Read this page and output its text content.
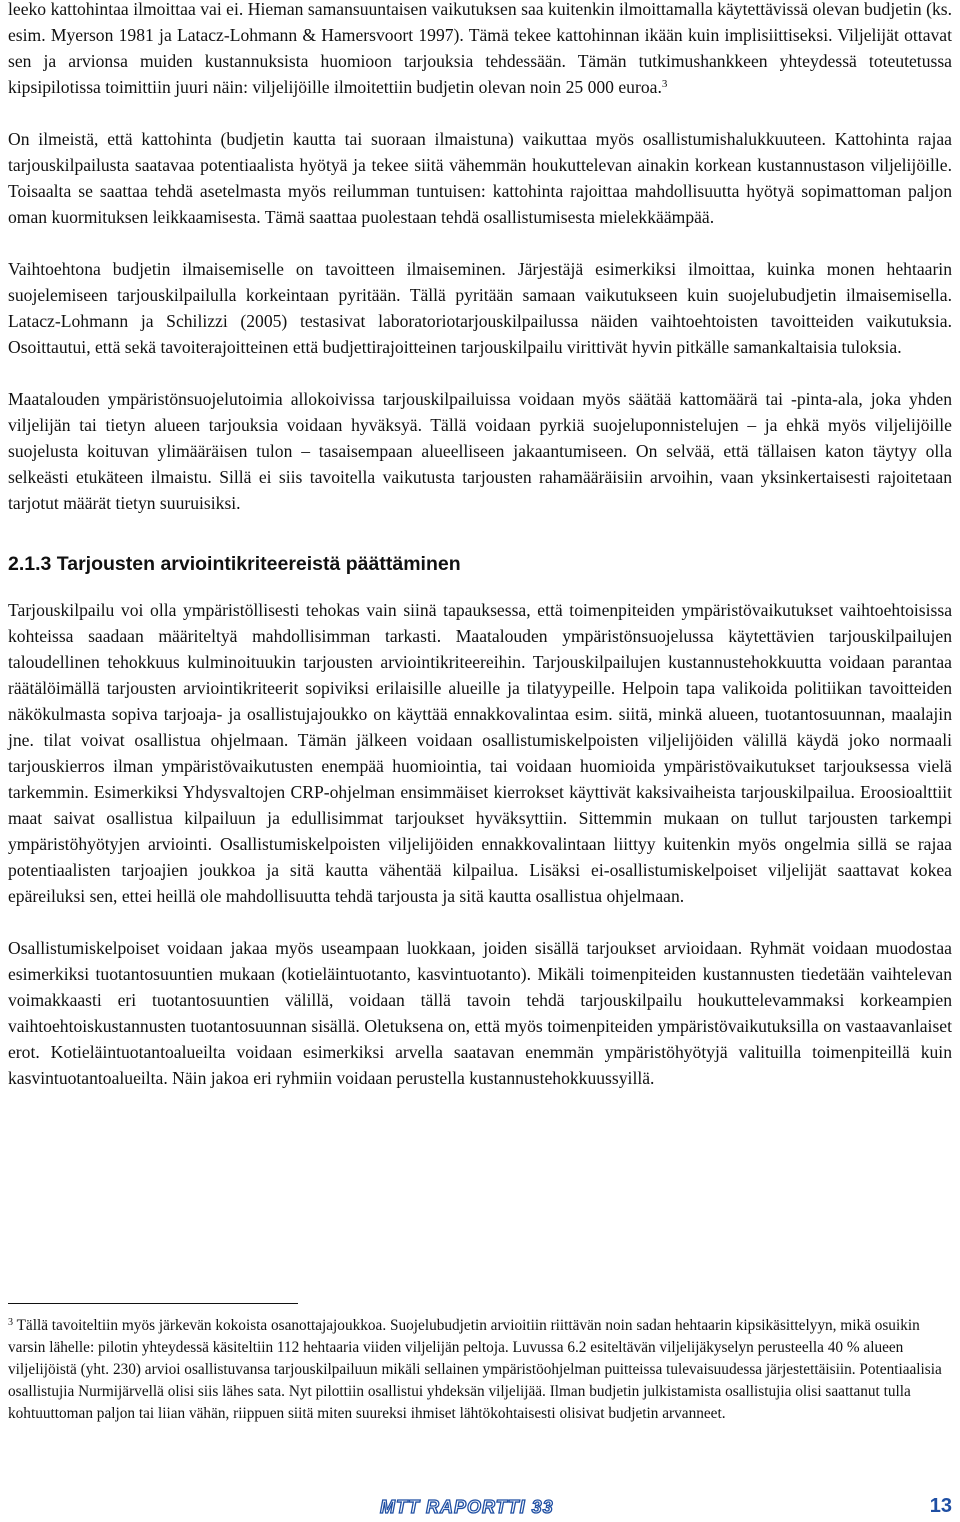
leeko kattohintaa ilmoittaa vai ei. Hieman samansuuntaisen vaikutuksen saa kuitenkin ilmoittamalla käytettävissä olevan budjetin (ks. esim. Myerson 1981 ja Latacz-Lohmann & Hamersvoort 1997). Tämä tekee kattohinnan ikään kuin implisiittiseksi. Viljelijät ottavat sen ja arvionsa muiden kustannuksista huomioon tarjouksia tehdessään. Tämän tutkimushankkeen yhteydessä toteutetussa kipsipilotissa toimittiin juuri näin: viljelijöille ilmoitettiin budjetin olevan noin 25 000 euroa.$^3$

On ilmeistä, että kattohinta (budjetin kautta tai suoraan ilmaistuna) vaikuttaa myös osallistumishalukkuuteen. Kattohinta rajaa tarjouskilpailusta saatavaa potentiaalista hyötyä ja tekee siitä vähemmän houkuttelevan ainakin korkean kustannustason viljelijöille. Toisaalta se saattaa tehdä asetelmasta myös reilumman tuntuisen: kattohinta rajoittaa mahdollisuutta hyötyä sopimattoman paljon oman kuormituksen leikkaamisesta. Tämä saattaa puolestaan tehdä osallistumisesta mielekkäämpää.

Vaihtoehtona budjetin ilmaisemiselle on tavoitteen ilmaiseminen. Järjestäjä esimerkiksi ilmoittaa, kuinka monen hehtaarin suojelemiseen tarjouskilpailulla korkeintaan pyritään. Tällä pyritään samaan vaikutukseen kuin suojelubudjetin ilmaisemisella. Latacz-Lohmann ja Schilizzi (2005) testasivat laboratoriotarjouskilpailussa näiden vaihtoehtoisten tavoitteiden vaikutuksia. Osoittautui, että sekä tavoiterajoitteinen että budjettirajoitteinen tarjouskilpailu virittivät hyvin pitkälle samankaltaisia tuloksia.

Maatalouden ympäristönsuojelutoimia allokoivissa tarjouskilpailuissa voidaan myös säätää kattomäärä tai -pinta-ala, joka yhden viljelijän tai tietyn alueen tarjouksia voidaan hyväksyä. Tällä voidaan pyrkiä suojeluponnistelujen – ja ehkä myös viljelijöille suojelusta koituvan ylimääräisen tulon – tasaisempaan alueelliseen jakaantumiseen. On selvää, että tällaisen katon täytyy olla selkeästi etukäteen ilmaistu. Sillä ei siis tavoitella vaikutusta tarjousten rahamääräisiin arvoihin, vaan yksinkertaisesti rajoitetaan tarjotut määrät tietyn suuruisiksi.

2.1.3 Tarjousten arviointikriteereistä päättäminen

Tarjouskilpailu voi olla ympäristöllisesti tehokas vain siinä tapauksessa, että toimenpiteiden ympäristövaikutukset vaihtoehtoisissa kohteissa saadaan määriteltyä mahdollisimman tarkasti. Maatalouden ympäristönsuojelussa käytettävien tarjouskilpailujen taloudellinen tehokkuus kulminoituukin tarjousten arviointikriteereihin. Tarjouskilpailujen kustannustehokkuutta voidaan parantaa räätälöimällä tarjousten arviointikriteerit sopiviksi erilaisille alueille ja tilatyypeille. Helpoin tapa valikoida politiikan tavoitteiden näkökulmasta sopiva tarjoaja- ja osallistujajoukko on käyttää ennakkovalintaa esim. siitä, minkä alueen, tuotantosuunnan, maalajin jne. tilat voivat osallistua ohjelmaan. Tämän jälkeen voidaan osallistumiskelpoisten viljelijöiden välillä käydä joko normaali tarjouskierros ilman ympäristövaikutusten enempää huomiointia, tai voidaan huomioida ympäristövaikutukset tarjouksessa vielä tarkemmin. Esimerkiksi Yhdysvaltojen CRP-ohjelman ensimmäiset kierrokset käyttivät kaksivaiheista tarjouskilpailua. Eroosioalttiit maat saivat osallistua kilpailuun ja edullisimmat tarjoukset hyväksyttiin. Sittemmin mukaan on tullut tarjousten tarkempi ympäristöhyötyjen arviointi. Osallistumiskelpoisten viljelijöiden ennakkovalintaan liittyy kuitenkin myös ongelmia sillä se rajaa potentiaalisten tarjoajien joukkoa ja sitä kautta vähentää kilpailua. Lisäksi ei-osallistumiskelpoiset viljelijät saattavat kokea epäreiluksi sen, ettei heillä ole mahdollisuutta tehdä tarjousta ja sitä kautta osallistua ohjelmaan.

Osallistumiskelpoiset voidaan jakaa myös useampaan luokkaan, joiden sisällä tarjoukset arvioidaan. Ryhmät voidaan muodostaa esimerkiksi tuotantosuuntien mukaan (kotieläintuotanto, kasvintuotanto). Mikäli toimenpiteiden kustannusten tiedetään vaihtelevan voimakkaasti eri tuotantosuuntien välillä, voidaan tällä tavoin tehdä tarjouskilpailu houkuttelevammaksi korkeampien vaihtoehtoiskustannusten tuotantosuunnan sisällä. Oletuksena on, että myös toimenpiteiden ympäristövaikutuksilla on vastaavanlaiset erot. Kotieläintuotantoalueilta voidaan esimerkiksi arvella saatavan enemmän ympäristöhyötyjä valituilla toimenpiteillä kuin kasvintuotantoalueilta. Näin jakoa eri ryhmiin voidaan perustella kustannustehokkuussyillä.

$^3$ Tällä tavoiteltiin myös järkevän kokoista osanottajajoukkoa. Suojelubudjetin arvioitiin riittävän noin sadan hehtaarin kipsikäsittelyyn, mikä osuikin varsin lähelle: pilotin yhteydessä käsiteltiin 112 hehtaaria viiden viljelijän peltoja. Luvussa 6.2 esiteltävän viljelijäkyselyn perusteella 40 % alueen viljelijöistä (yht. 230) arvioi osallistuvansa tarjouskilpailuun mikäli sellainen ympäristöohjelman puitteissa tulevaisuudessa järjestettäisiin. Potentiaalisia osallistujia Nurmijärvellä olisi siis lähes sata. Nyt pilottiin osallistui yhdeksän viljelijää. Ilman budjetin julkistamista osallistujia olisi saattanut tulla kohtuuttoman paljon tai liian vähän, riippuen siitä miten suureksi ihmiset lähtökohtaisesti olisivat budjetin arvanneet.

MTT RAPORTTI 33	13
